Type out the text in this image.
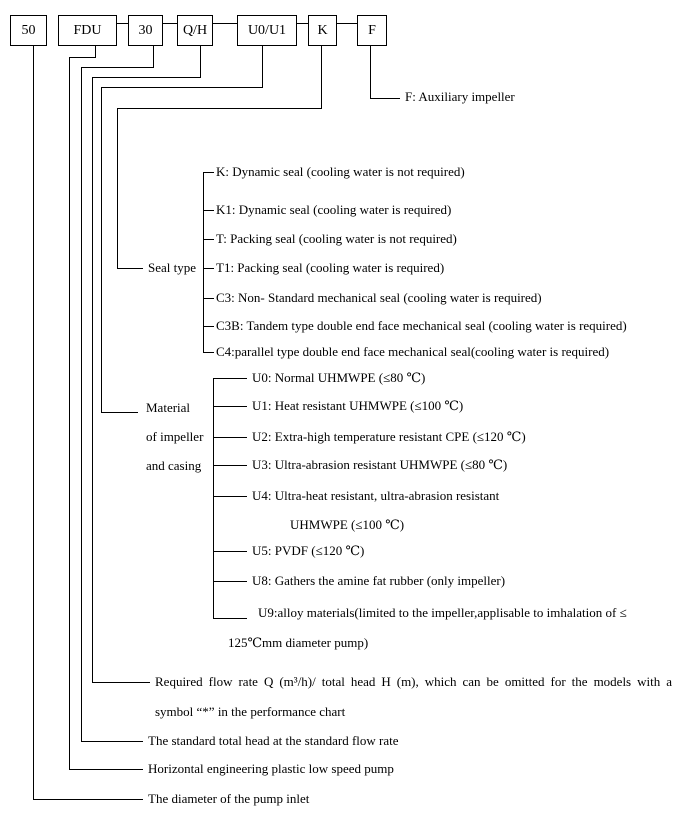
50	FDU	30	Q/H	U0/U1	K	F
F: Auxiliary impeller
Seal type
K: Dynamic seal (cooling water is not required)
K1: Dynamic seal (cooling water is required)
T: Packing seal (cooling water is not required)
T1: Packing seal (cooling water is required)
C3: Non- Standard mechanical seal (cooling water is required)
C3B: Tandem type double end face mechanical seal (cooling water is required)
C4:parallel type double end face mechanical seal(cooling water is required)
Material
of impeller
and casing
U0: Normal UHMWPE (≤80 ℃)
U1: Heat resistant UHMWPE (≤100 ℃)
U2: Extra-high temperature resistant CPE (≤120 ℃)
U3: Ultra-abrasion resistant UHMWPE (≤80 ℃)
U4: Ultra-heat resistant, ultra-abrasion resistant
UHMWPE (≤100 ℃)
U5: PVDF (≤120 ℃)
U8: Gathers the amine fat rubber (only impeller)
U9:alloy materials(limited to the impeller,applisable to imhalation of ≤
125℃mm diameter pump)
Required flow rate Q (m³/h)/ total head H (m), which can be omitted for the models with a
symbol “*” in the performance chart
The standard total head at the standard flow rate
Horizontal engineering plastic low speed pump
The diameter of the pump inlet
